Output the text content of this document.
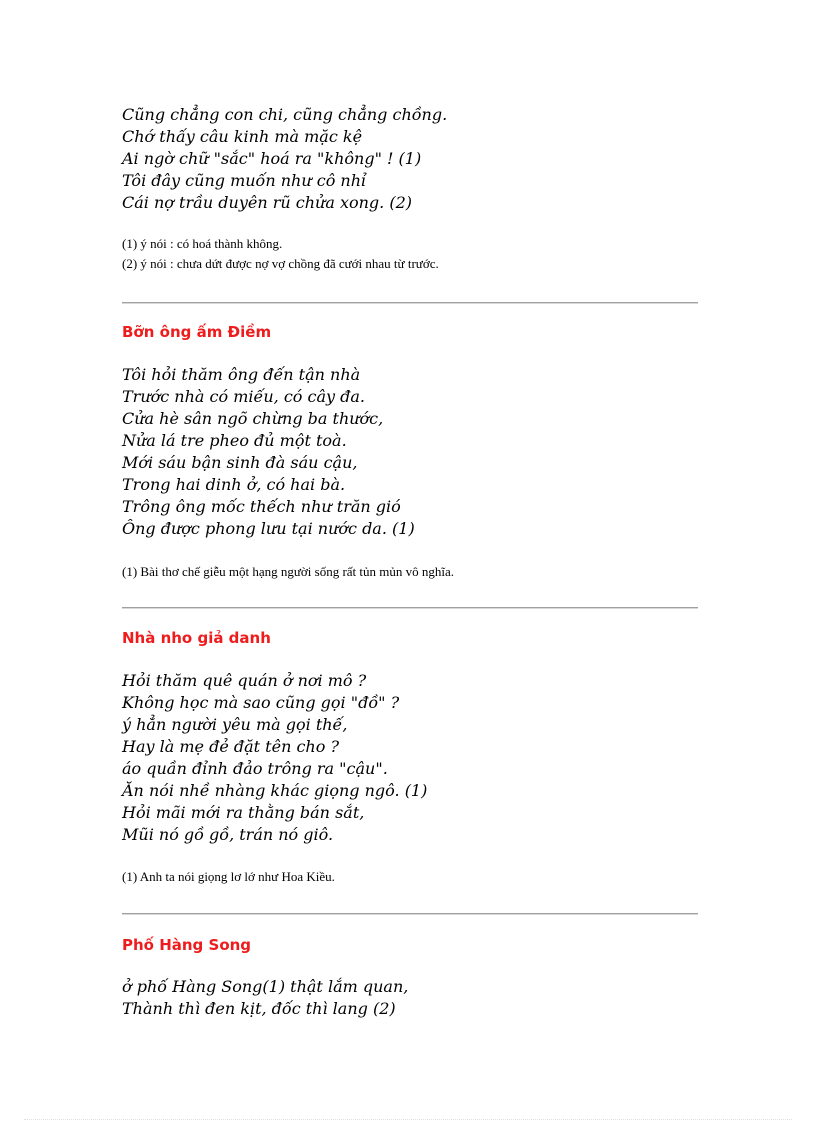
Cũng chẳng con chi, cũng chẳng chồng.
Chớ thấy câu kinh mà mặc kệ
Ai ngờ chữ "sắc" hoá ra "không" ! (1)
Tôi đây cũng muốn như cô nhỉ
Cái nợ trầu duyên rũ chửa xong. (2)
(1) ý nói : có hoá thành không.
(2) ý nói : chưa dứt được nợ vợ chồng đã cưới nhau từ trước.
Bỡn ông ấm Điềm
Tôi hỏi thăm ông đến tận nhà
Trước nhà có miếu, có cây đa.
Cửa hè sân ngõ chừng ba thước,
Nửa lá tre pheo đủ một toà.
Mới sáu bận sinh đà sáu cậu,
Trong hai dinh ở, có hai bà.
Trông ông mốc thếch như trăn gió
Ông được phong lưu tại nước da. (1)
(1) Bài thơ chế giễu một hạng người sống rất tủn mủn vô nghĩa.
Nhà nho giả danh
Hỏi thăm quê quán ở nơi mô ?
Không học mà sao cũng gọi "đồ" ?
ý hẳn người yêu mà gọi thế,
Hay là mẹ đẻ đặt tên cho ?
áo quần đỉnh đảo trông ra "cậu".
Ăn nói nhề nhàng khác giọng ngô. (1)
Hỏi mãi mới ra thằng bán sắt,
Mũi nó gồ gồ, trán nó giô.
(1) Anh ta nói giọng lơ lớ như Hoa Kiều.
Phố Hàng Song
ở phố Hàng Song(1) thật lắm quan,
Thành thì đen kịt, đốc thì lang (2)
